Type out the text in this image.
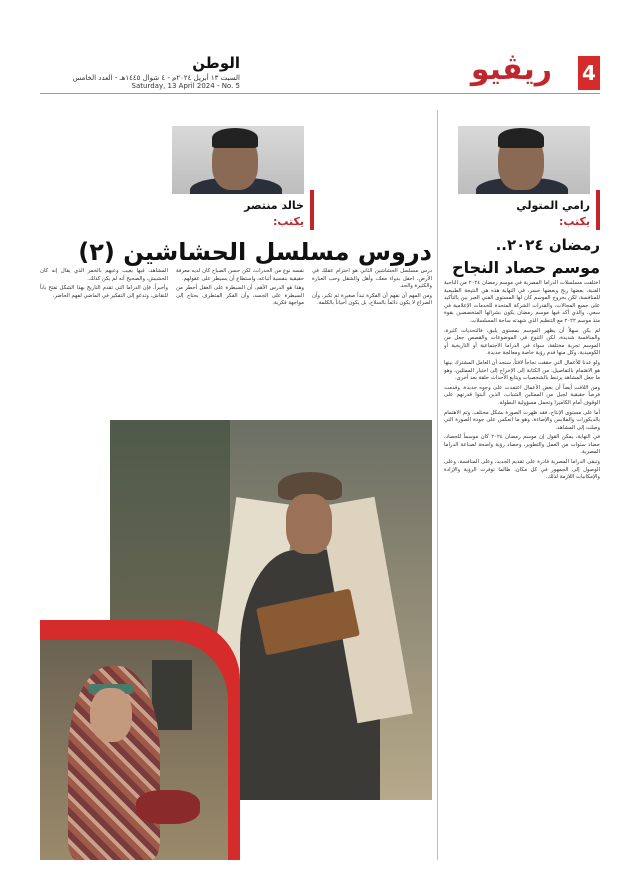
4
ريڤيو
الوطن
السبت ١٣ أبريل ٢٠٢٤م - ٤ شوال ١٤٤٥هـ - العدد الخامس
Saturday, 13 April 2024 - No. 5
رامي المتولي
يكتب:
خالد منتصر
يكتب:
رمضان ٢٠٢٤..
موسم حصاد النجاح
دروس مسلسل الحشاشين (٢)

اختلفت مسلسلات الدراما المصرية في موسم رمضان ٢٠٢٤ من الناحية الفنية، بعضها ربح وبعضها خسر، في النهاية هذه هي النتيجة الطبيعية للمنافسة، لكن بخروج الموسم كان لها المستوى الفني العبر بين بالتأكيد على جميع المجالات، والقدرات الشركة المتحدة للخدمات الإعلامية في سعي، والذي أكد فيها موسم رمضان يكون بشرائها المتخصصين بقوة منذ موسم ٢٠٢٢ مع التنظيم الذي شهدته ساحة المسلسلات.

لم يكن سهلاً أن يظهر الموسم بمستوى يليق، فالتحديات كثيرة، والمنافسة شديدة، لكن التنوع في الموضوعات والقصص جعل من الموسم تجربة مختلفة، سواء في الدراما الاجتماعية أو التاريخية أو الكوميدية، وكل منها قدم رؤية خاصة ومعالجة جديدة.

ولو عدنا للأعمال التي حققت نجاحاً لافتاً، سنجد أن العامل المشترك بينها هو الاهتمام بالتفاصيل، من الكتابة إلى الإخراج إلى اختيار الممثلين، وهو ما جعل المشاهد يرتبط بالشخصيات ويتابع الأحداث حلقة بعد أخرى.

ومن اللافت أيضاً أن بعض الأعمال اعتمدت على وجوه جديدة، وقدمت فرصاً حقيقية لجيل من الممثلين الشباب، الذين أثبتوا قدرتهم على الوقوف أمام الكاميرا وتحمل مسؤولية البطولة.

أما على مستوى الإنتاج، فقد ظهرت الصورة بشكل مختلف، وتم الاهتمام بالديكورات والملابس والإضاءة، وهو ما انعكس على جودة الصورة التي وصلت إلى المشاهد.

في النهاية، يمكن القول إن موسم رمضان ٢٠٢٤ كان موسماً للحصاد، حصاد سنوات من العمل والتطوير، وحصاد رؤية واضحة لصناعة الدراما المصرية.

وتبقى الدراما المصرية قادرة على تقديم الجديد، وعلى المنافسة، وعلى الوصول إلى الجمهور في كل مكان، طالما توفرت الرؤية والإرادة والإمكانيات اللازمة لذلك.

درس مسلسل الحشاشين الثاني هو احترام عقلك في الأرض، احفل بدواء معك، وأهل والشقل وحب العبارة والكثيرة والحد.

ومن المهم أن نفهم أن الفكرة تبدأ صغيرة ثم تكبر، وأن الصراع لا يكون دائماً بالسلاح، بل يكون أحياناً بالكلمة.

نفسه نوع من الحدرات، لكن حسن الصباح كان لديه معرفة حقيقية بنفسية أتباعه، واستطاع أن يسيطر على عقولهم.

وهذا هو الدرس الأهم، أن السيطرة على العقل أخطر من السيطرة على الجسد، وأن الفكر المتطرف يحتاج إلى مواجهة فكرية.

المشاهد، فيها يغيب وعيهم بالخمر الذي يقال إنه كان الحشيش، والصحيح أنه لم يكن كذلك.

وأخيراً، فإن الدراما التي تقدم التاريخ بهذا الشكل تفتح باباً للنقاش، وتدعو إلى التفكير في الماضي لفهم الحاضر.
